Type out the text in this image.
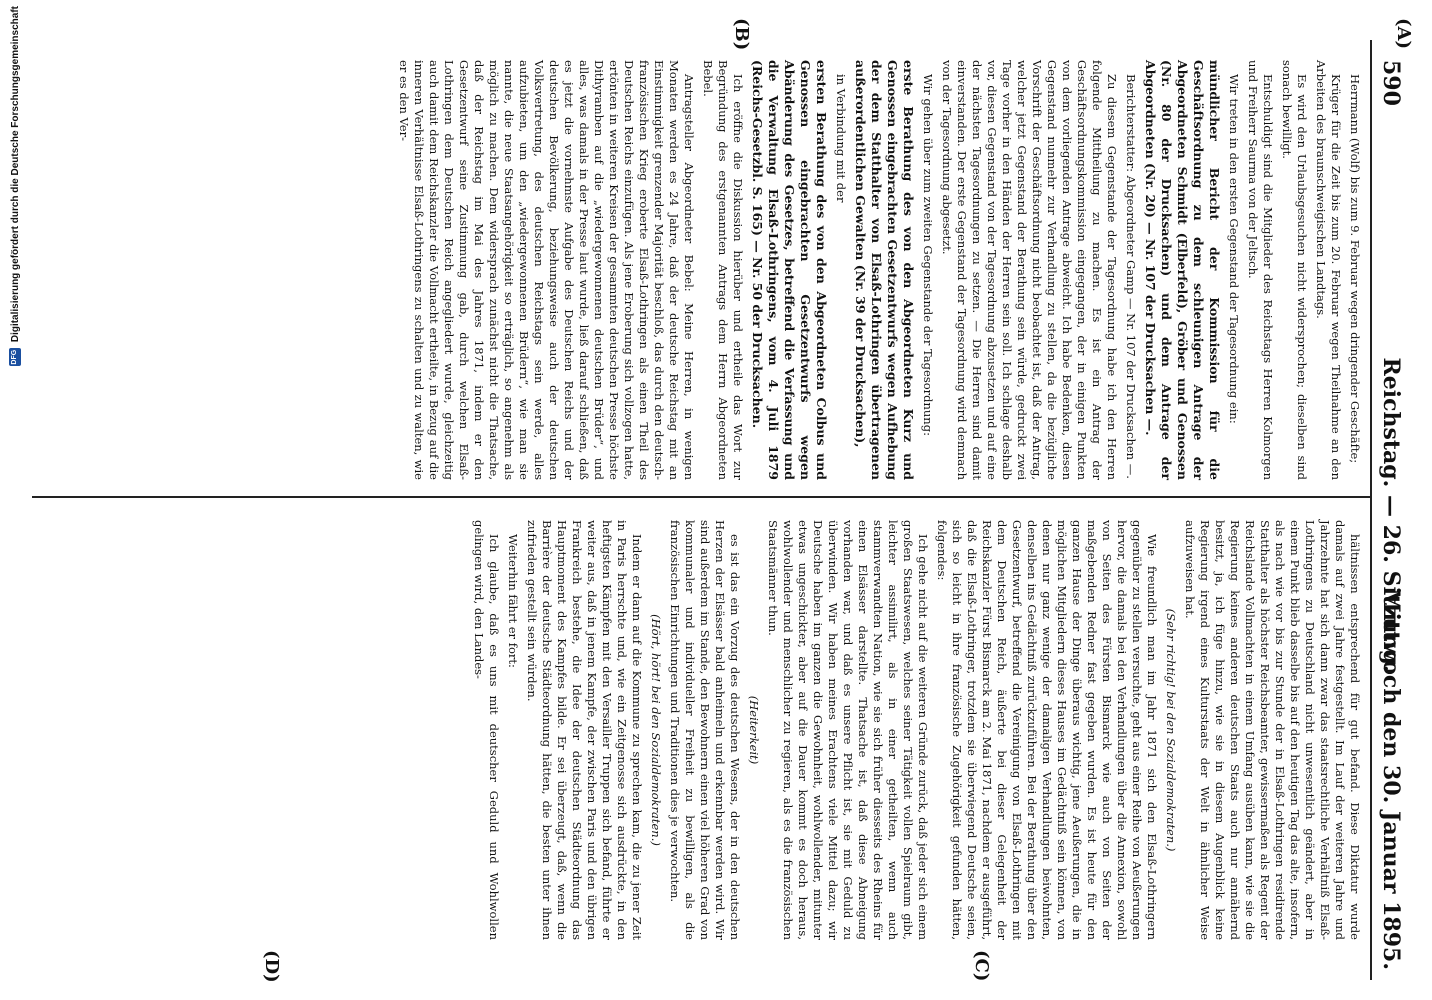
590
Reichstag. — 26. Sitzung.
Mittwoch den 30. Januar 1895.
(A)
(B)
(C)
(D)

Herrmann (Wolf) bis zum 9. Februar wegen dringender Geschäfte;

Krüger für die Zeit bis zum 20. Februar wegen Theilnahme an den Arbeiten des braunschweigischen Landtags.

Es wird den Urlaubsgesuchen nicht widersprochen; dieselben sind sonach bewilligt.

Entschuldigt sind die Mitglieder des Reichstags Herren Kolmorgen und Freiherr Saurma von der Jeltsch.

Wir treten in den ersten Gegenstand der Tagesordnung ein:

mündlicher Bericht der Kommission für die Geschäftsordnung zu dem schleunigen Antrage der Abgeordneten Schmidt (Elberfeld), Gröber und Genossen (Nr. 80 der Drucksachen) und dem Antrage der Abgeordneten (Nr. 20) — Nr. 107 der Drucksachen —.

Berichterstatter: Abgeordneter Gamp — Nr. 107 der Drucksachen —.

Zu diesem Gegenstande der Tagesordnung habe ich den Herren folgende Mittheilung zu machen. Es ist ein Antrag der Geschäftsordnungskommission eingegangen, der in einigen Punkten von dem vorliegenden Antrage abweicht. Ich habe Bedenken, diesen Gegenstand nunmehr zur Verhandlung zu stellen, da die bezügliche Vorschrift der Geschäftsordnung nicht beobachtet ist, daß der Antrag, welcher jetzt Gegenstand der Berathung sein würde, gedruckt zwei Tage vorher in den Händen der Herren sein soll. Ich schlage deshalb vor, diesen Gegenstand von der Tagesordnung abzusetzen und auf eine der nächsten Tagesordnungen zu setzen. — Die Herren sind damit einverstanden. Der erste Gegenstand der Tagesordnung wird demnach von der Tagesordnung abgesetzt.

Wir gehen über zum zweiten Gegenstande der Tagesordnung:

erste Berathung des von den Abgeordneten Kurz und Genossen eingebrachten Gesetzentwurfs wegen Aufhebung der dem Statthalter von Elsaß-Lothringen übertragenen außerordentlichen Gewalten (Nr. 39 der Drucksachen),

in Verbindung mit der

ersten Berathung des von den Abgeordneten Colbus und Genossen eingebrachten Gesetzentwurfs wegen Abänderung des Gesetzes, betreffend die Verfassung und die Verwaltung Elsaß-Lothringens, vom 4. Juli 1879 (Reichs-Gesetzbl. S. 165) — Nr. 50 der Drucksachen.

Ich eröffne die Diskussion hierüber und ertheile das Wort zur Begründung des erstgenannten Antrags dem Herrn Abgeordneten Bebel.

Antragsteller Abgeordneter Bebel: Meine Herren, in wenigen Monaten werden es 24 Jahre, daß der deutsche Reichstag mit an Einstimmigkeit grenzender Majorität beschloß, das durch den deutsch-französischen Krieg eroberte Elsaß-Lothringen als einen Theil des Deutschen Reichs einzufügen. Als jene Eroberung sich vollzogen hatte, ertönten in weiteren Kreisen der gesammten deutschen Presse höchste Dithyramben auf die „wiedergewonnenen deutschen Brüder“, und alles, was damals in der Presse laut wurde, ließ darauf schließen, daß es jetzt die vornehmste Aufgabe des Deutschen Reichs und der deutschen Bevölkerung, beziehungsweise auch der deutschen Volksvertretung, des deutschen Reichstags sein werde, alles aufzubieten, um den „wiedergewonnenen Brüdern“, wie man sie nannte, die neue Staatsangehörigkeit so erträglich, so angenehm als möglich zu machen. Dem widersprach zunächst nicht die Thatsache, daß der Reichstag im Mai des Jahres 1871, indem er den Gesetzentwurf seine Zustimmung gab, durch welchen Elsaß-Lothringen dem Deutschen Reich angegliedert wurde, gleichzeitig auch damit dem Reichskanzler die Vollmacht ertheilte, in Bezug auf die inneren Verhältnisse Elsaß-Lothringens zu schalten und zu walten, wie er es den Ver-

hältnissen entsprechend für gut befand. Diese Diktatur wurde damals auf zwei Jahre festgestellt. Im Lauf der weiteren Jahre und Jahrzehnte hat sich dann zwar das staatsrechtliche Verhältniß Elsaß-Lothringens zu Deutschland nicht unwesentlich geändert, aber in einem Punkt blieb dasselbe bis auf den heutigen Tag das alte, insofern, als nach wie vor bis zur Stunde der in Elsaß-Lothringen residirende Statthalter als höchster Reichsbeamter, gewissermaßen als Regent der Reichslande Vollmachten in einem Umfang ausüben kann, wie sie die Regierung keines anderen deutschen Staats auch nur annähernd besitzt, ja, ich füge hinzu, wie sie in diesem Augenblick keine Regierung irgend eines Kulturstaats der Welt in ähnlicher Weise aufzuweisen hat.

(Sehr richtig! bei den Sozialdemokraten.)

Wie freundlich man im Jahr 1871 sich den Elsaß-Lothringern gegenüber zu stellen versuchte, geht aus einer Reihe von Aeußerungen hervor, die damals bei den Verhandlungen über die Annexion, sowohl von Seiten des Fürsten Bismarck wie auch von Seiten der maßgebenden Redner fast gegeben wurden. Es ist heute für den ganzen Hause der Dinge überaus wichtig, jene Aeußerungen, die in möglichen Mitgliedern dieses Hauses im Gedächtniß sein können, von denen nur ganz wenige der damaligen Verhandlungen beiwohnten, denselben ins Gedächtniß zurückzuführen. Bei der Berathung über den Gesetzentwurf, betreffend die Vereinigung von Elsaß-Lothringen mit dem Deutschen Reich, äußerte bei dieser Gelegenheit der Reichskanzler Fürst Bismarck am 2. Mai 1871, nachdem er ausgeführt, daß die Elsaß-Lothringer, trotzdem sie überwiegend Deutsche seien, sich so leicht in ihre französische Zugehörigkeit gefunden hätten, folgendes:

Ich gehe nicht auf die weiteren Gründe zurück, daß jeder sich einem großen Staatswesen, welches seiner Tätigkeit vollen Spielraum gibt, leichter assimilirt, als in einer getheilten, wenn auch stammverwandten Nation, wie sie sich früher diesseits des Rheins für einen Elsässer darstellte. Thatsache ist, daß diese Abneigung vorhanden war, und daß es unsere Pflicht ist, sie mit Geduld zu überwinden. Wir haben meines Erachtens viele Mittel dazu; wir Deutsche haben im ganzen die Gewohnheit, wohlwollender, mitunter etwas ungeschickter, aber auf die Dauer kommt es doch heraus, wohlwollender und menschlicher zu regieren, als es die französischen Staatsmänner thun.

(Heiterkeit)

es ist das ein Vorzug des deutschen Wesens, der in den deutschen Herzen der Elsässer bald anheimeln und erkennbar werden wird. Wir sind außerdem im Stande, den Bewohnern einen viel höheren Grad von kommunaler und individueller Freiheit zu bewilligen, als die französischen Einrichtungen und Traditionen dies je verwochten.

(Hört, hört! bei den Sozialdemokraten.)

Indem er dann auf die Kommune zu sprechen kam, die zu jener Zeit in Paris herrschte und, wie ein Zeitgenosse sich ausdrückte, in den heftigsten Kämpfen mit den Versailler Truppen sich befand, führte er weiter aus, daß in jenem Kampfe, der zwischen Paris und den übrigen Frankreich bestehe, die Idee der deutschen Städteordnung das Hauptmoment des Kampfes bilde. Er sei überzeugt, daß, wenn die Barrière der deutsche Städteordnung hätten, die besten unter ihnen zufrieden gestellt sein würden.

Weiterhin fährt er fort:

Ich glaube, daß es uns mit deutscher Geduld und Wohlwollen gelingen wird, den Landes-

DFG
Digitalisierung gefördert durch die Deutsche Forschungsgemeinschaft
